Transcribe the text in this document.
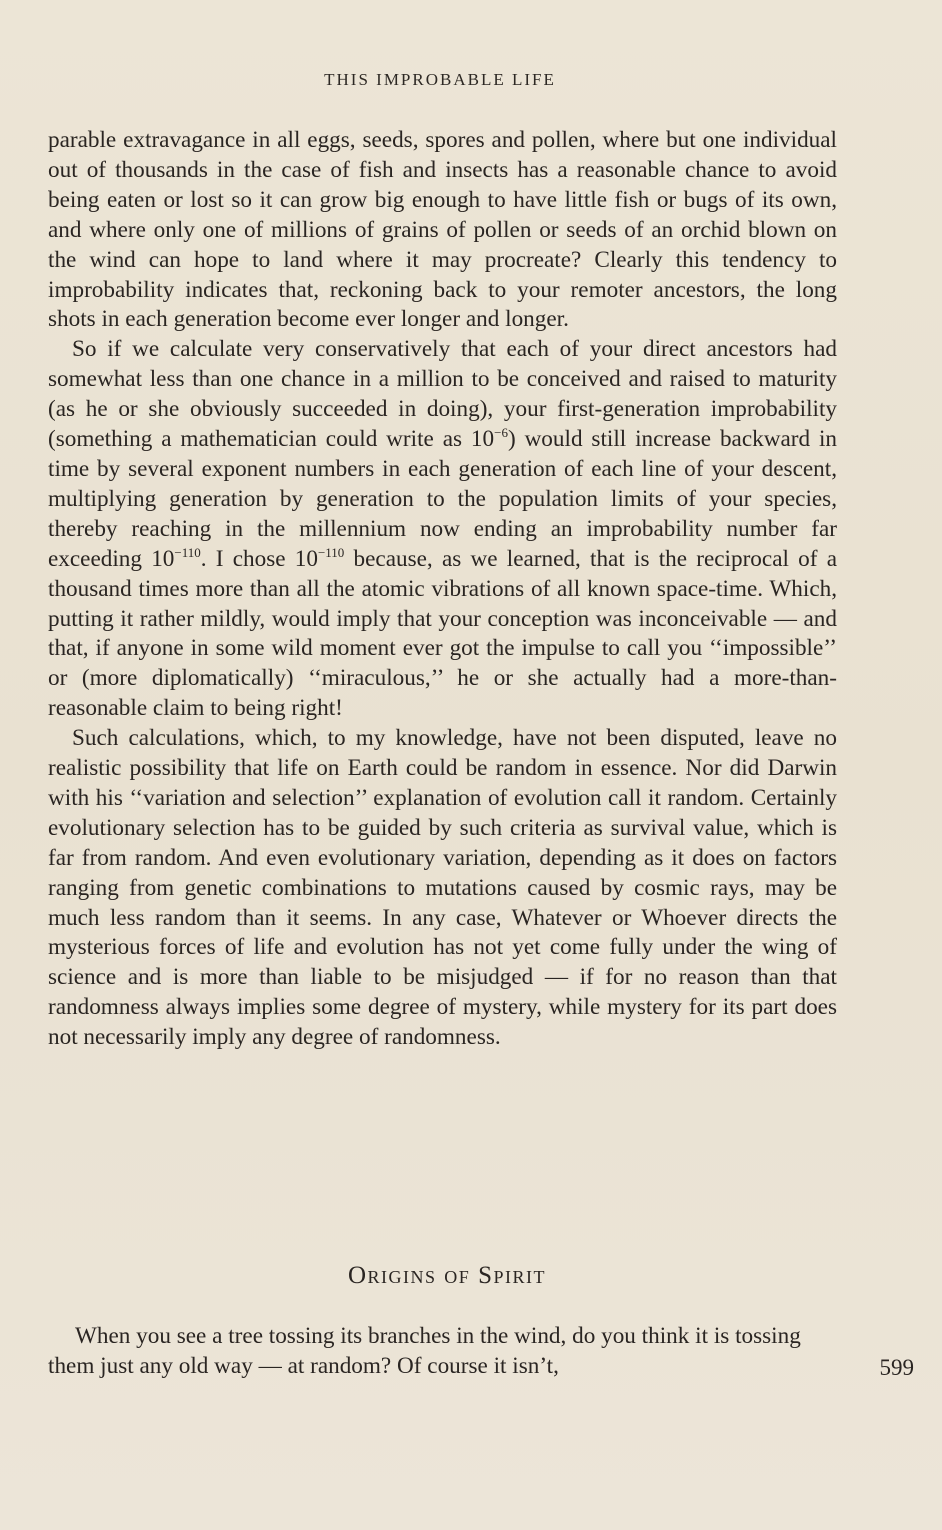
THIS IMPROBABLE LIFE

parable extravagance in all eggs, seeds, spores and pollen, where but one individual out of thousands in the case of fish and insects has a reasonable chance to avoid being eaten or lost so it can grow big enough to have little fish or bugs of its own, and where only one of millions of grains of pollen or seeds of an orchid blown on the wind can hope to land where it may procreate? Clearly this tendency to improbability indicates that, reckoning back to your remoter ancestors, the long shots in each generation become ever longer and longer.

So if we calculate very conservatively that each of your direct ancestors had somewhat less than one chance in a million to be conceived and raised to maturity (as he or she obviously succeeded in doing), your first-generation improbability (something a mathematician could write as $10^{-6}$) would still increase backward in time by several exponent numbers in each generation of each line of your descent, multiplying generation by generation to the population limits of your species, thereby reaching in the millennium now ending an improbability number far exceeding $10^{-110}$. I chose $10^{-110}$ because, as we learned, that is the reciprocal of a thousand times more than all the atomic vibrations of all known space-time. Which, putting it rather mildly, would imply that your conception was inconceivable — and that, if anyone in some wild moment ever got the impulse to call you ‘‘impossible’’ or (more diplomatically) ‘‘miraculous,’’ he or she actually had a more-than-reasonable claim to being right!

Such calculations, which, to my knowledge, have not been disputed, leave no realistic possibility that life on Earth could be random in essence. Nor did Darwin with his ‘‘variation and selection’’ explanation of evolution call it random. Certainly evolutionary selection has to be guided by such criteria as survival value, which is far from random. And even evolutionary variation, depending as it does on factors ranging from genetic combinations to mutations caused by cosmic rays, may be much less random than it seems. In any case, Whatever or Whoever directs the mysterious forces of life and evolution has not yet come fully under the wing of science and is more than liable to be misjudged — if for no reason than that randomness always implies some degree of mystery, while mystery for its part does not necessarily imply any degree of randomness.

Origins of Spirit

When you see a tree tossing its branches in the wind, do you think it is tossing them just any old way — at random? Of course it isn’t,	599
